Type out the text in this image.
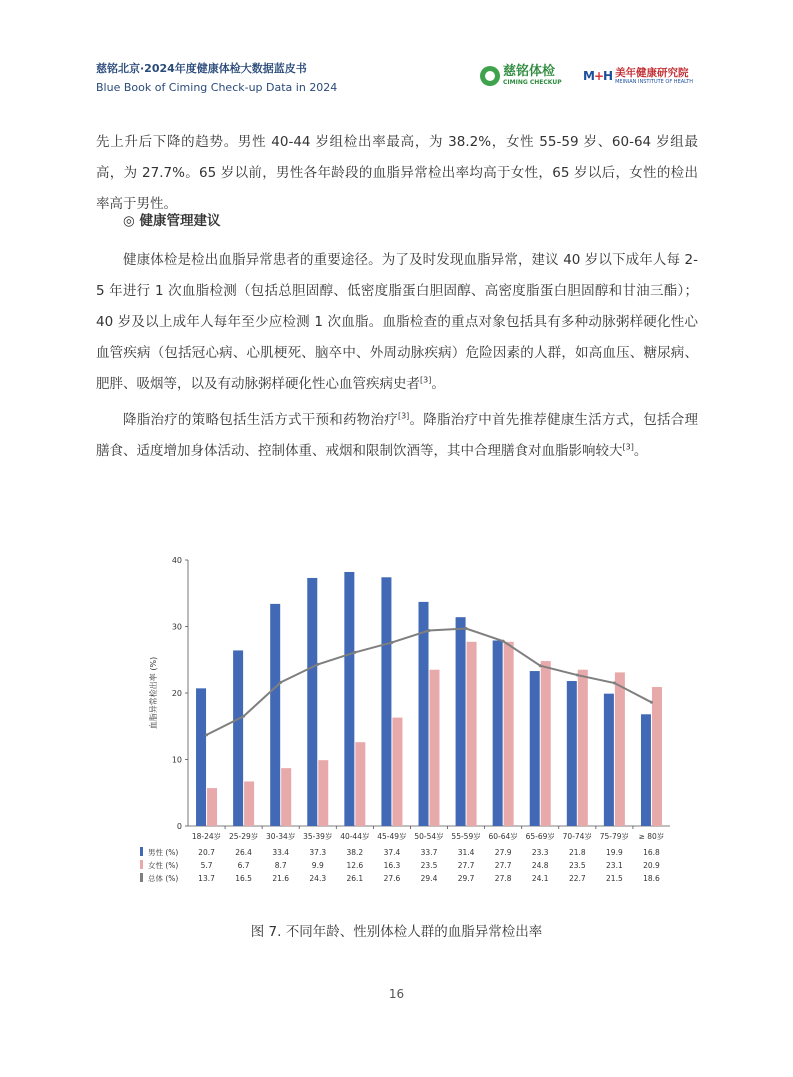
慈铭北京·2024年度健康体检大数据蓝皮书
Blue Book of Ciming Check-up Data in 2024
慈铭体检
CIMING CHECKUP M+H 美年健康研究院
MEINIAN INSTITUTE OF HEALTH
先上升后下降的趋势。男性 40-44 岁组检出率最高，为 38.2%，女性 55-59 岁、60-64 岁组最高，为 27.7%。65 岁以前，男性各年龄段的血脂异常检出率均高于女性，65 岁以后，女性的检出率高于男性。
◎ 健康管理建议
健康体检是检出血脂异常患者的重要途径。为了及时发现血脂异常，建议 40 岁以下成年人每 2-5 年进行 1 次血脂检测（包括总胆固醇、低密度脂蛋白胆固醇、高密度脂蛋白胆固醇和甘油三酯）；40 岁及以上成年人每年至少应检测 1 次血脂。血脂检查的重点对象包括具有多种动脉粥样硬化性心血管疾病（包括冠心病、心肌梗死、脑卒中、外周动脉疾病）危险因素的人群，如高血压、糖尿病、肥胖、吸烟等，以及有动脉粥样硬化性心血管疾病史者[3]。
降脂治疗的策略包括生活方式干预和药物治疗[3]。降脂治疗中首先推荐健康生活方式，包括合理膳食、适度增加身体活动、控制体重、戒烟和限制饮酒等，其中合理膳食对血脂影响较大[3]。
0
10
20
30
40
血脂异常检出率 (%)
18-24岁
20.7
5.7
13.7
25-29岁
26.4
6.7
16.5
30-34岁
33.4
8.7
21.6
35-39岁
37.3
9.9
24.3
40-44岁
38.2
12.6
26.1
45-49岁
37.4
16.3
27.6
50-54岁
33.7
23.5
29.4
55-59岁
31.4
27.7
29.7
60-64岁
27.9
27.7
27.8
65-69岁
23.3
24.8
24.1
70-74岁
21.8
23.5
22.7
75-79岁
19.9
23.1
21.5
≥ 80岁
16.8
20.9
18.6
男性 (%)
女性 (%)
总体 (%)
图 7. 不同年龄、性别体检人群的血脂异常检出率
16
